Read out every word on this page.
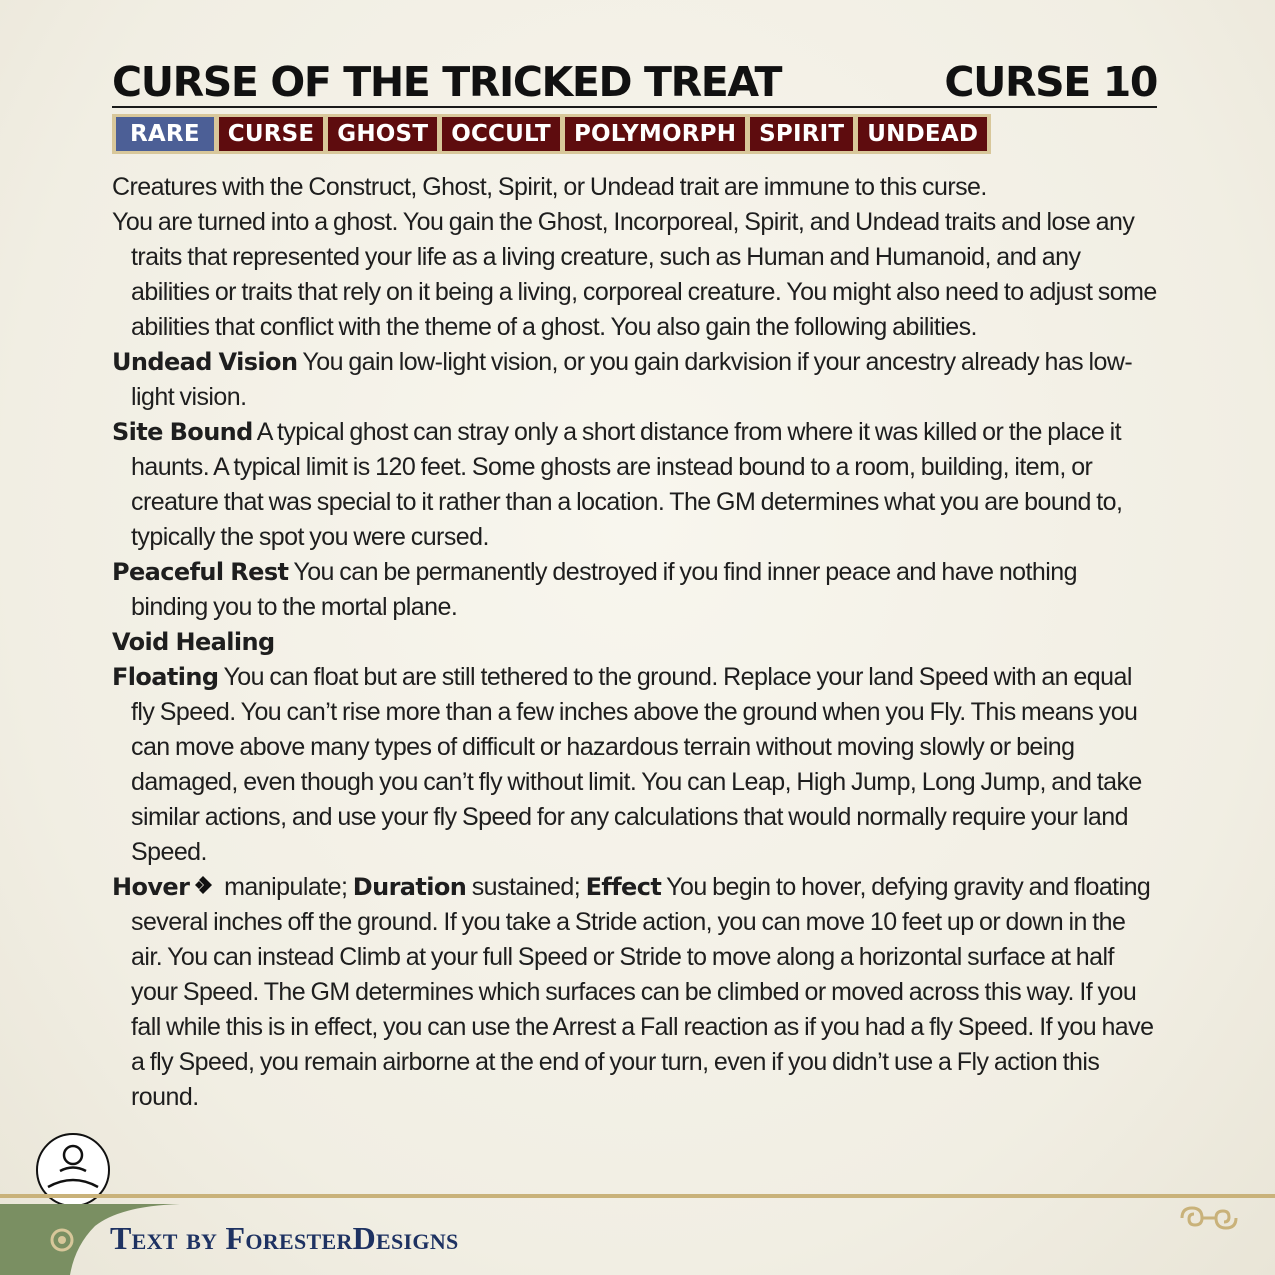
CURSE OF THE TRICKED TREAT	CURSE 10
RARE	CURSE	GHOST	OCCULT	POLYMORPH	SPIRIT	UNDEAD

Creatures with the Construct, Ghost, Spirit, or Undead trait are immune to this curse.

You are turned into a ghost. You gain the Ghost, Incorporeal, Spirit, and Undead traits and lose any traits that represented your life as a living creature, such as Human and Humanoid, and any abilities or traits that rely on it being a living, corporeal creature. You might also need to adjust some abilities that conflict with the theme of a ghost. You also gain the following abilities.

Undead Vision You gain low-light vision, or you gain darkvision if your ancestry already has low-light vision.

Site Bound A typical ghost can stray only a short distance from where it was killed or the place it haunts. A typical limit is 120 feet. Some ghosts are instead bound to a room, building, item, or creature that was special to it rather than a location. The GM determines what you are bound to, typically the spot you were cursed.

Peaceful Rest You can be permanently destroyed if you find inner peace and have nothing binding you to the mortal plane.

Void Healing

Floating You can float but are still tethered to the ground. Replace your land Speed with an equal fly Speed. You can’t rise more than a few inches above the ground when you Fly. This means you can move above many types of difficult or hazardous terrain without moving slowly or being damaged, even though you can’t fly without limit. You can Leap, High Jump, Long Jump, and take similar actions, and use your fly Speed for any calculations that would normally require your land Speed.

Hover manipulate; Duration sustained; Effect You begin to hover, defying gravity and floating several inches off the ground. If you take a Stride action, you can move 10 feet up or down in the air. You can instead Climb at your full Speed or Stride to move along a horizontal surface at half your Speed. The GM determines which surfaces can be climbed or moved across this way. If you fall while this is in effect, you can use the Arrest a Fall reaction as if you had a fly Speed. If you have a fly Speed, you remain airborne at the end of your turn, even if you didn’t use a Fly action this round.

Text by ForesterDesigns
